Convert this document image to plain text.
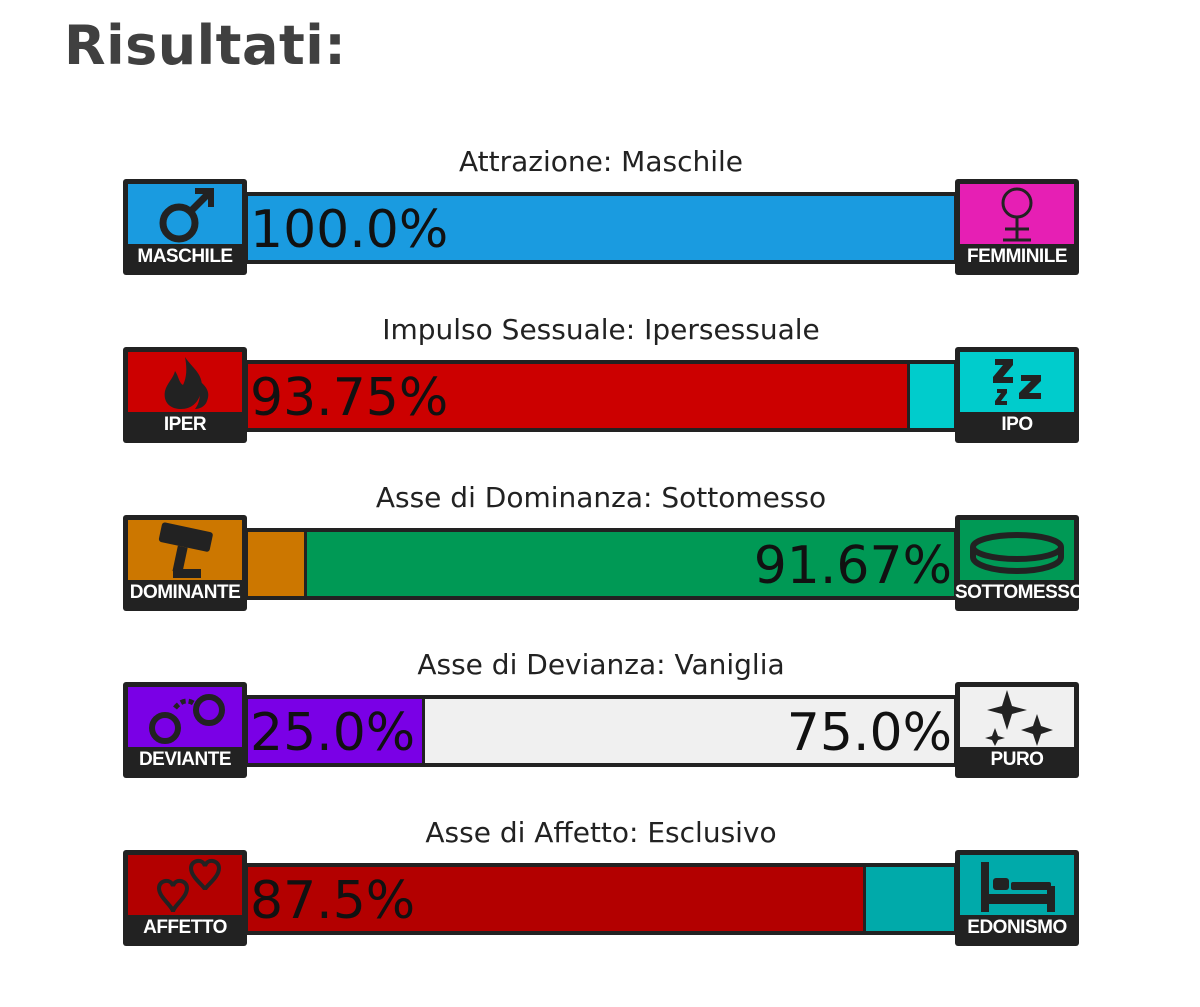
Risultati:
Attrazione: Maschile
MASCHILE 100.0%	FEMMINILE
Impulso Sessuale: Ipersessuale
IPER 93.75%	IPO
Asse di Dominanza: Sottomesso
DOMINANTE	91.67% SOTTOMESSO
Asse di Devianza: Vaniglia
DEVIANTE 25.0%	75.0%	PURO
Asse di Affetto: Esclusivo
AFFETTO 87.5%	EDONISMO
